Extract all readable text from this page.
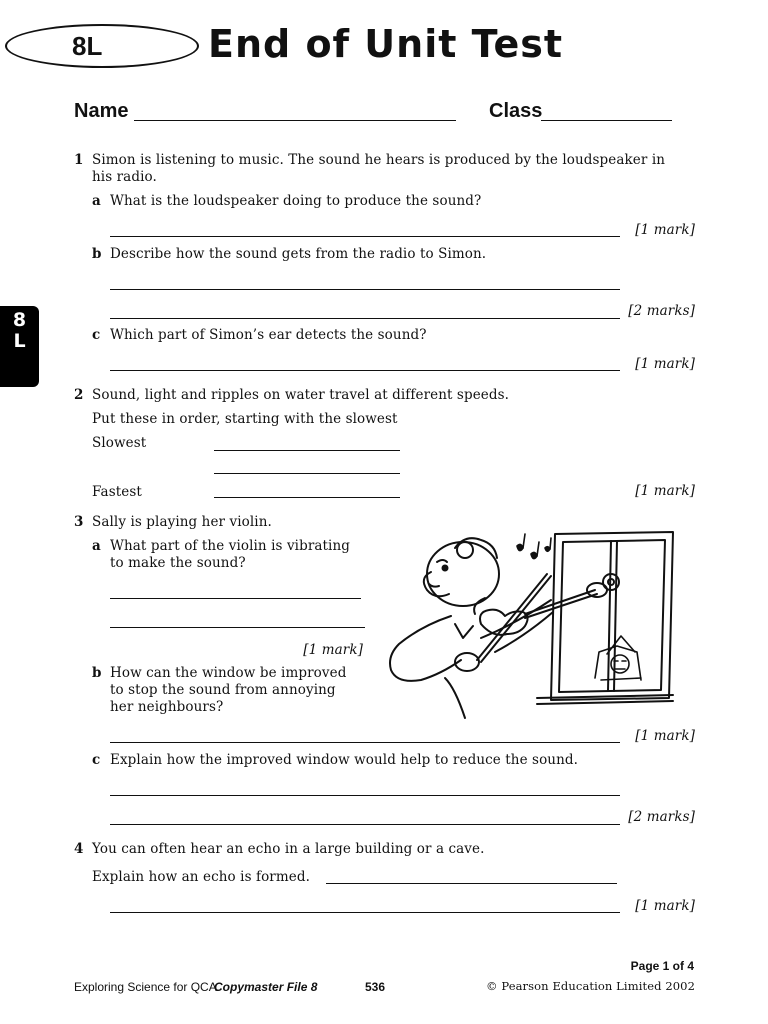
8L	End of Unit Test
Name	Class
8
L
1 Simon is listening to music. The sound he hears is produced by the loudspeaker in
his radio.
a What is the loudspeaker doing to produce the sound?
[1 mark]
b Describe how the sound gets from the radio to Simon.
[2 marks]
c Which part of Simon’s ear detects the sound?
[1 mark]
2 Sound, light and ripples on water travel at different speeds.
Put these in order, starting with the slowest
Slowest
Fastest	[1 mark]
3 Sally is playing her violin.
a What part of the violin is vibrating
to make the sound?
[1 mark]
b How can the window be improved
to stop the sound from annoying
her neighbours?
[1 mark]
c Explain how the improved window would help to reduce the sound.
[2 marks]
4 You can often hear an echo in a large building or a cave.
Explain how an echo is formed.
[1 mark]
Page 1 of 4
Exploring Science for QCA
Copymaster File 8	536	© Pearson Education Limited 2002
